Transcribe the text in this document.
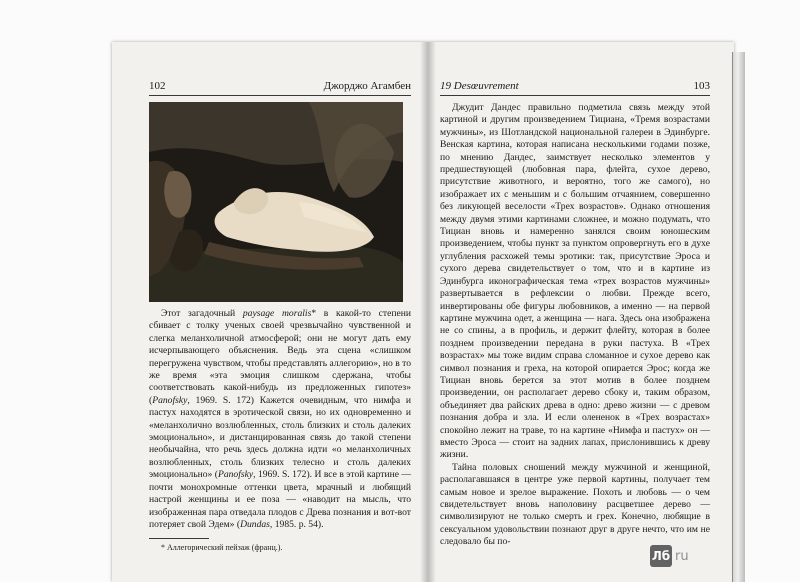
102	Джорджо Агамбен

Этот загадочный paysage moralis* в какой-то степени сбивает с толку ученых своей чрезвычайно чувственной и слегка меланхоличной атмосферой; они не могут дать ему исчерпывающего объяснения. Ведь эта сцена «слишком перегружена чувством, чтобы представлять аллегорию», но в то же время «эта эмоция слишком сдержана, чтобы соответствовать какой-нибудь из предложенных гипотез» (Panofsky, 1969. S. 172) Кажется очевидным, что нимфа и пастух находятся в эротической связи, но их одновременно и «меланхолично возлюбленных, столь близких и столь далеких эмоционально», и дистанцированная связь до такой степени необычайна, что речь здесь должна идти «о меланхоличных возлюбленных, столь близких телесно и столь далеких эмоционально» (Panofsky, 1969. S. 172). И все в этой картине — почти монохромные оттенки цвета, мрачный и любящий настрой женщины и ее поза — «наводит на мысль, что изображенная пара отведала плодов с Древа познания и вот-вот потеряет свой Эдем» (Dundas, 1985. p. 54).

* Аллегорический пейзаж (франц.).
19 Desœuvrement	103

Джудит Дандес правильно подметила связь между этой картиной и другим произведением Тициана, «Тремя возрастами мужчины», из Шотландской национальной галереи в Эдинбурге. Венская картина, которая написана несколькими годами позже, по мнению Дандес, заимствует несколько элементов у предшествующей (любовная пара, флейта, сухое дерево, присутствие животного, и вероятно, того же самого), но изображает их с меньшим и с большим отчаянием, совершенно без ликующей веселости «Трех возрастов». Однако отношения между двумя этими картинами сложнее, и можно подумать, что Тициан вновь и намеренно занялся своим юношеским произведением, чтобы пункт за пунктом опровергнуть его в духе углубления расхожей темы эротики: так, присутствие Эроса и сухого дерева свидетельствует о том, что и в картине из Эдинбурга иконографическая тема «трех возрастов мужчины» развертывается в рефлексии о любви. Прежде всего, инвертированы обе фигуры любовников, а именно — на первой картине мужчина одет, а женщина — нага. Здесь она изображена не со спины, а в профиль, и держит флейту, которая в более позднем произведении передана в руки пастуха. В «Трех возрастах» мы тоже видим справа сломанное и сухое дерево как символ познания и греха, на которой опирается Эрос; когда же Тициан вновь берется за этот мотив в более позднем произведении, он располагает дерево сбоку и, таким образом, объединяет два райских древа в одно: древо жизни — с древом познания добра и зла. И если олененок в «Трех возрастах» спокойно лежит на траве, то на картине «Нимфа и пастух» он — вместо Эроса — стоит на задних лапах, прислонившись к древу жизни.

Тайна половых сношений между мужчиной и женщиной, располагавшаяся в центре уже первой картины, получает тем самым новое и зрелое выражение. Похоть и любовь — о чем свидетельствует вновь наполовину расцветшее дерево — символизируют не только смерть и грех. Конечно, любящие в сексуальном удовольствии познают друг в друге нечто, что им не следовало бы по-

Лб ru
